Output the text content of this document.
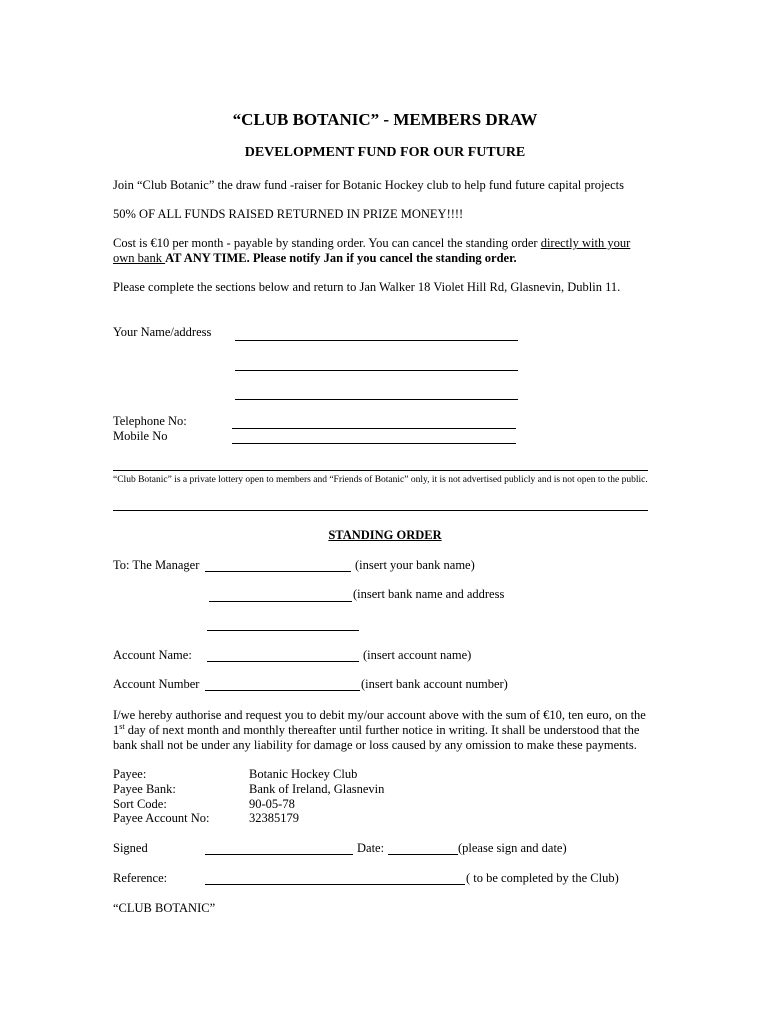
“CLUB BOTANIC” - MEMBERS DRAW
DEVELOPMENT FUND FOR OUR FUTURE
Join “Club Botanic” the draw fund -raiser for Botanic Hockey club to help fund future capital projects
50% OF ALL FUNDS RAISED RETURNED IN PRIZE MONEY!!!!
Cost is €10 per month - payable by standing order. You can cancel the standing order directly with your
own bank AT ANY TIME. Please notify Jan if you cancel the standing order.
Please complete the sections below and return to Jan Walker 18 Violet Hill Rd, Glasnevin, Dublin 11.
Your Name/address
Telephone No:
Mobile No
“Club Botanic” is a private lottery open to members and “Friends of Botanic” only, it is not advertised publicly and is not open to the public.
STANDING ORDER
To: The Manager	(insert your bank name)
(insert bank name and address
Account Name:	(insert account name)
Account Number	(insert bank account number)
I/we hereby authorise and request you to debit my/our account above with the sum of €10, ten euro, on the
1st day of next month and monthly thereafter until further notice in writing. It shall be understood that the
bank shall not be under any liability for damage or loss caused by any omission to make these payments.
Payee:	Botanic Hockey Club
Payee Bank:	Bank of Ireland, Glasnevin
Sort Code:	90-05-78
Payee Account No:	32385179
Signed	Date:	(please sign and date)
Reference:	( to be completed by the Club)
“CLUB BOTANIC”
